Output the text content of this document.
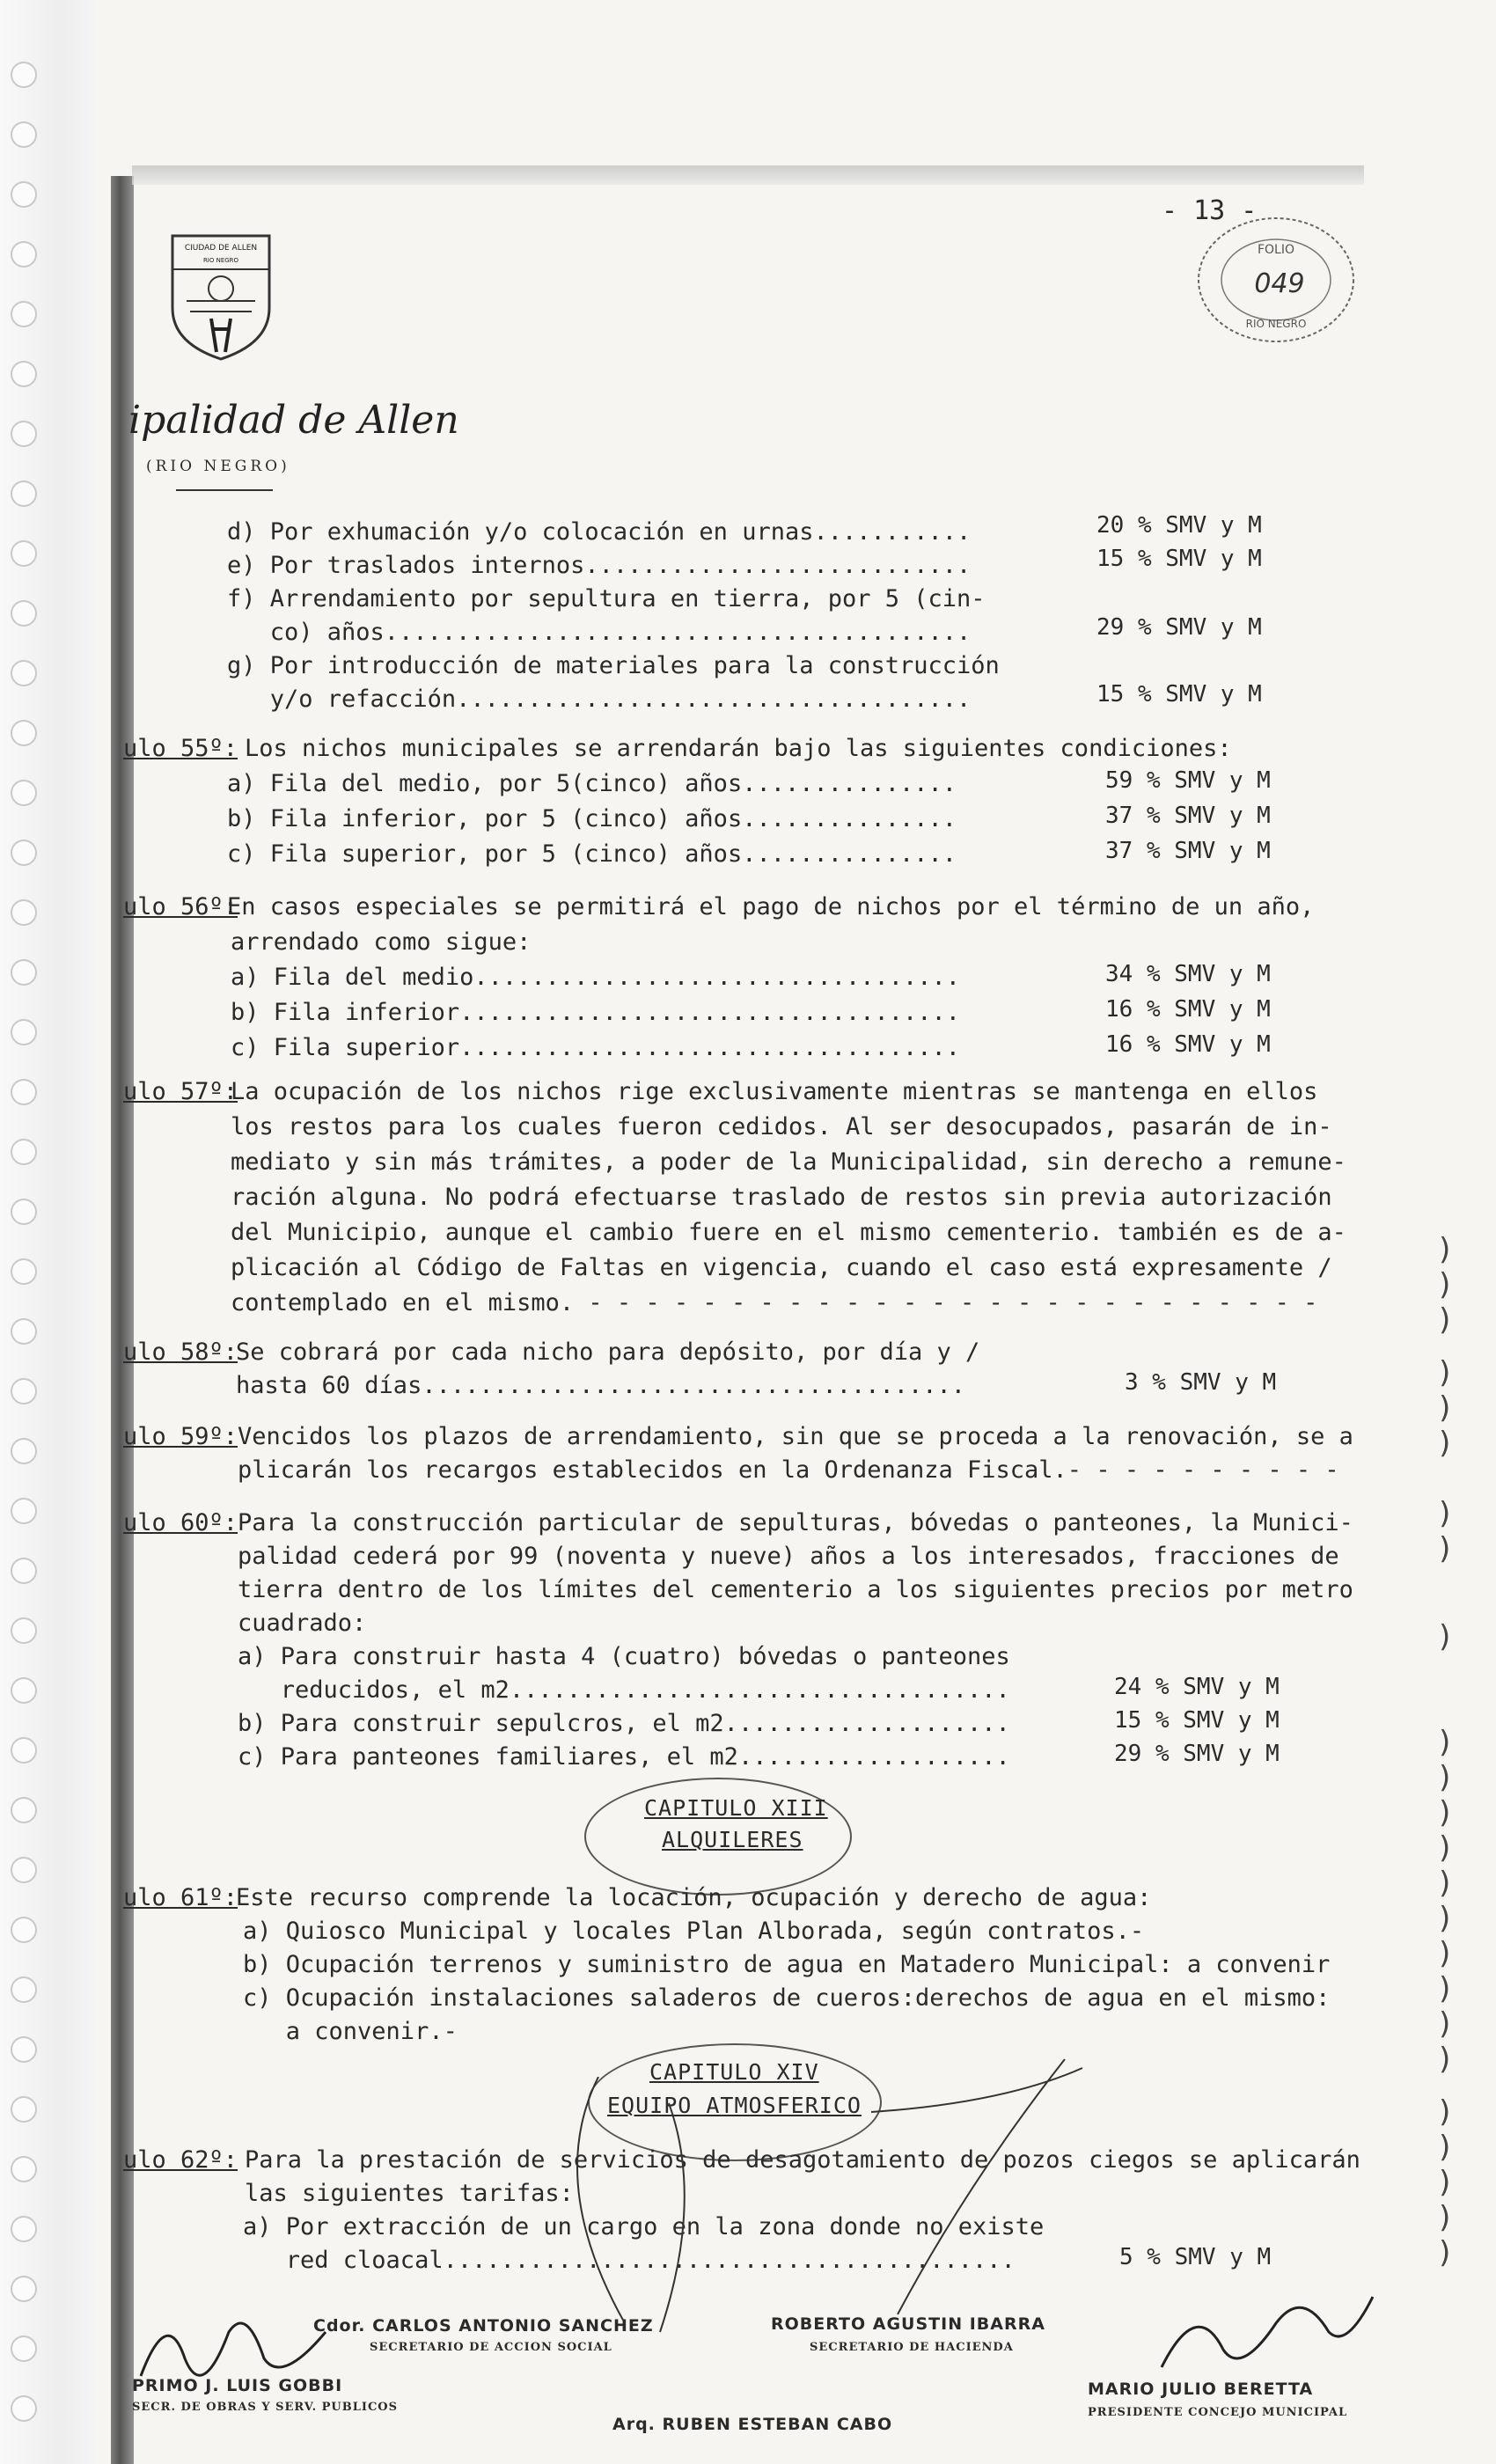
- 13 -
CIUDAD DE ALLEN
RIO NEGRO
ipalidad de Allen
(RIO NEGRO)
FOLIO
049
RIO NEGRO
d) Por exhumación y/o colocación en urnas...........	20 % SMV y M
e) Por traslados internos...........................	15 % SMV y M
f) Arrendamiento por sepultura en tierra, por 5 (cin-
co) años.........................................	29 % SMV y M
g) Por introducción de materiales para la construcción
y/o refacción....................................	15 % SMV y M
ulo 55º: Los nichos municipales se arrendarán bajo las siguientes condiciones:
a) Fila del medio, por 5(cinco) años...............	59 % SMV y M
b) Fila inferior, por 5 (cinco) años...............	37 % SMV y M
c) Fila superior, por 5 (cinco) años...............	37 % SMV y M
ulo 56º:
En casos especiales se permitirá el pago de nichos por el término de un año,
arrendado como sigue:
a) Fila del medio..................................	34 % SMV y M
b) Fila inferior...................................	16 % SMV y M
c) Fila superior...................................	16 % SMV y M
ulo 57º:
La ocupación de los nichos rige exclusivamente mientras se mantenga en ellos
los restos para los cuales fueron cedidos. Al ser desocupados, pasarán de in-
mediato y sin más trámites, a poder de la Municipalidad, sin derecho a remune-
ración alguna. No podrá efectuarse traslado de restos sin previa autorización
del Municipio, aunque el cambio fuere en el mismo cementerio. también es de a-
plicación al Código de Faltas en vigencia, cuando el caso está expresamente /
contemplado en el mismo. - - - - - - - - - - - - - - - - - - - - - - - - - -
ulo 58º:
Se cobrará por cada nicho para depósito, por día y /
hasta 60 días......................................	3 % SMV y M
ulo 59º: Vencidos los plazos de arrendamiento, sin que se proceda a la renovación, se a
plicarán los recargos establecidos en la Ordenanza Fiscal.- - - - - - - - - -
ulo 60º: Para la construcción particular de sepulturas, bóvedas o panteones, la Munici-
palidad cederá por 99 (noventa y nueve) años a los interesados, fracciones de
tierra dentro de los límites del cementerio a los siguientes precios por metro
cuadrado:
a) Para construir hasta 4 (cuatro) bóvedas o panteones
reducidos, el m2...................................	24 % SMV y M
b) Para construir sepulcros, el m2....................	15 % SMV y M
c) Para panteones familiares, el m2...................	29 % SMV y M
CAPITULO XIII
ALQUILERES
ulo 61º:
Este recurso comprende la locación, ocupación y derecho de agua:
a) Quiosco Municipal y locales Plan Alborada, según contratos.-
b) Ocupación terrenos y suministro de agua en Matadero Municipal: a convenir
c) Ocupación instalaciones saladeros de cueros:derechos de agua en el mismo:
a convenir.-
CAPITULO XIV
EQUIPO ATMOSFERICO
ulo 62º: Para la prestación de servicios de desagotamiento de pozos ciegos se aplicarán
las siguientes tarifas:
a) Por extracción de un cargo en la zona donde no existe
red cloacal........................................	5 % SMV y M
)
)
)
)
)
)
)
)
)
)
)
)
)
)
)
)
)
)
)
)
)
)
)
)
Cdor. CARLOS ANTONIO SANCHEZ
SECRETARIO DE ACCION SOCIAL
ROBERTO AGUSTIN IBARRA
SECRETARIO DE HACIENDA
PRIMO J. LUIS GOBBI
SECR. DE OBRAS Y SERV. PUBLICOS
Arq. RUBEN ESTEBAN CABO
MARIO JULIO BERETTA
PRESIDENTE CONCEJO MUNICIPAL
